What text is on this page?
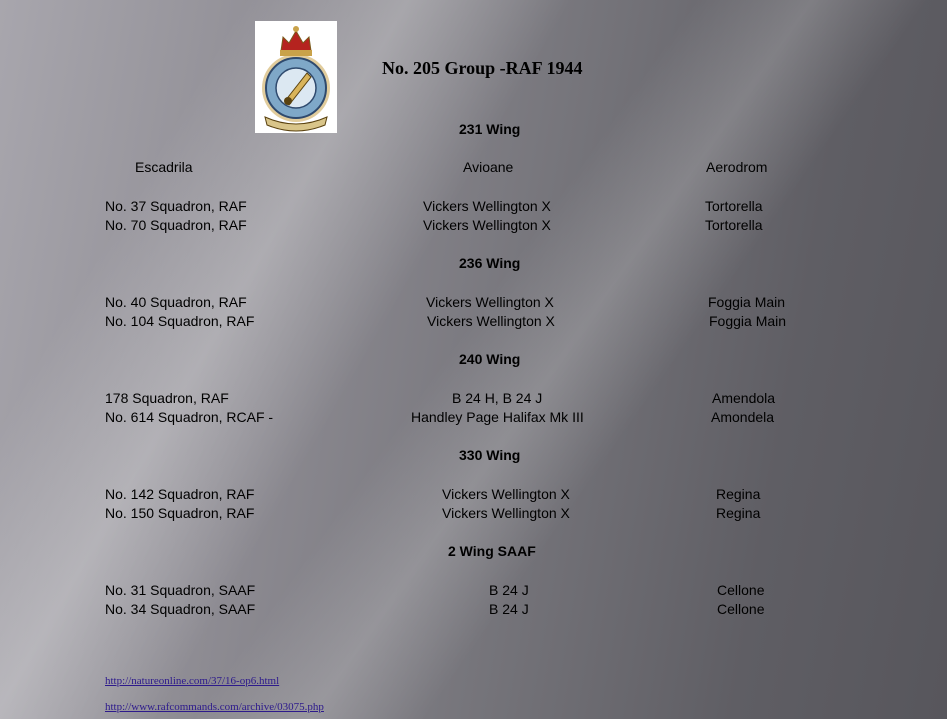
No. 205 Group -RAF 1944
231 Wing
Escadrila	Avioane	Aerodrom
No. 37 Squadron, RAF	Vickers Wellington X	Tortorella
No. 70 Squadron, RAF	Vickers Wellington X	Tortorella
236 Wing
No. 40 Squadron, RAF	Vickers Wellington X	Foggia Main
No. 104 Squadron, RAF	Vickers Wellington X	Foggia Main
240 Wing
178 Squadron, RAF	B 24 H, B 24 J	Amendola
No. 614 Squadron, RCAF -	Handley Page Halifax Mk III	Amondela
330 Wing
No. 142 Squadron, RAF	Vickers Wellington X	Regina
No. 150 Squadron, RAF	Vickers Wellington X	Regina
2 Wing SAAF
No. 31 Squadron, SAAF	B 24 J	Cellone
No. 34 Squadron, SAAF	B 24 J	Cellone
http://natureonline.com/37/16-op6.html
http://www.rafcommands.com/archive/03075.php
